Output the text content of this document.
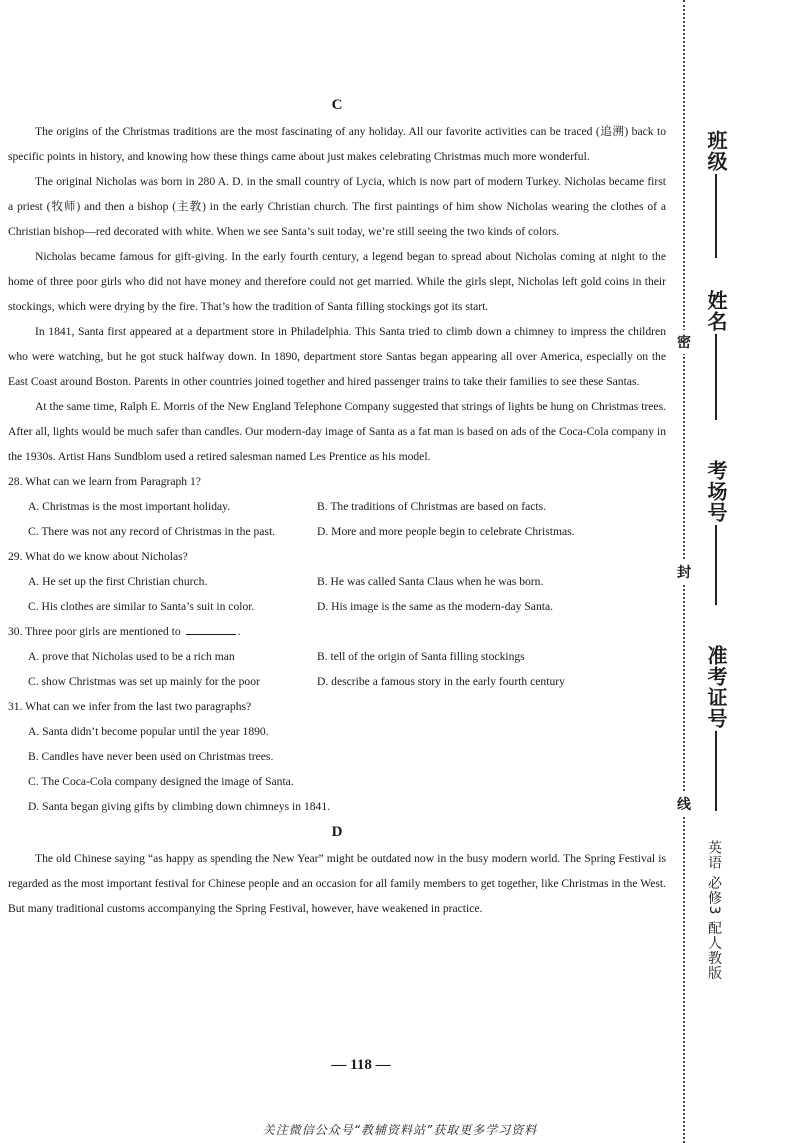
C

The origins of the Christmas traditions are the most fascinating of any holiday. All our favorite activities can be traced (追溯) back to specific points in history, and knowing how these things came about just makes celebrating Christmas much more wonderful.

The original Nicholas was born in 280 A. D. in the small country of Lycia, which is now part of modern Turkey. Nicholas became first a priest (牧师) and then a bishop (主教) in the early Christian church. The first paintings of him show Nicholas wearing the clothes of a Christian bishop—red decorated with white. When we see Santa’s suit today, we’re still seeing the two kinds of colors.

Nicholas became famous for gift-giving. In the early fourth century, a legend began to spread about Nicholas coming at night to the home of three poor girls who did not have money and therefore could not get married. While the girls slept, Nicholas left gold coins in their stockings, which were drying by the fire. That’s how the tradition of Santa filling stockings got its start.

In 1841, Santa first appeared at a department store in Philadelphia. This Santa tried to climb down a chimney to impress the children who were watching, but he got stuck halfway down. In 1890, department store Santas began appearing all over America, especially on the East Coast around Boston. Parents in other countries joined together and hired passenger trains to take their families to see these Santas.

At the same time, Ralph E. Morris of the New England Telephone Company suggested that strings of lights be hung on Christmas trees. After all, lights would be much safer than candles. Our modern-day image of Santa as a fat man is based on ads of the Coca-Cola company in the 1930s. Artist Hans Sundblom used a retired salesman named Les Prentice as his model.

28. What can we learn from Paragraph 1?

A. Christmas is the most important holiday.	B. The traditions of Christmas are based on facts.
C. There was not any record of Christmas in the past.	D. More and more people begin to celebrate Christmas.

29. What do we know about Nicholas?

A. He set up the first Christian church.	B. He was called Santa Claus when he was born.
C. His clothes are similar to Santa’s suit in color.	D. His image is the same as the modern-day Santa.

30. Three poor girls are mentioned to	.

A. prove that Nicholas used to be a rich man	B. tell of the origin of Santa filling stockings
C. show Christmas was set up mainly for the poor	D. describe a famous story in the early fourth century

31. What can we infer from the last two paragraphs?

A. Santa didn’t become popular until the year 1890.

B. Candles have never been used on Christmas trees.

C. The Coca-Cola company designed the image of Santa.

D. Santa began giving gifts by climbing down chimneys in 1841.

D

The old Chinese saying “as happy as spending the New Year” might be outdated now in the busy modern world. The Spring Festival is regarded as the most important festival for Chinese people and an occasion for all family members to get together, like Christmas in the West. But many traditional customs accompanying the Spring Festival, however, have weakened in practice.

— 118 —
关注微信公众号“教辅资料站”获取更多学习资料
班级
姓名
考场号
准考证号
密
封
线
英语 必修3 配人教版
